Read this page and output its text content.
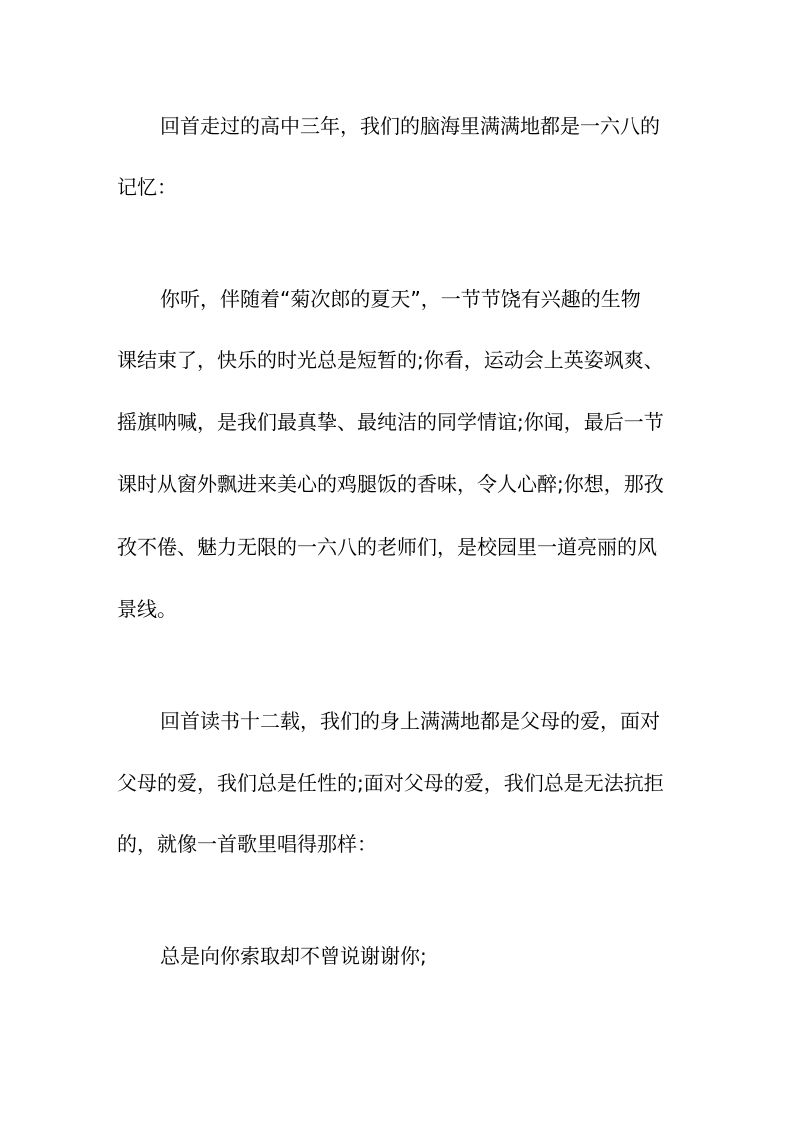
回首走过的高中三年，我们的脑海里满满地都是一六八的
记忆：
你听，伴随着“菊次郎的夏天”，一节节饶有兴趣的生物
课结束了，快乐的时光总是短暂的;你看，运动会上英姿飒爽、
摇旗呐喊，是我们最真挚、最纯洁的同学情谊;你闻，最后一节
课时从窗外飘进来美心的鸡腿饭的香味，令人心醉;你想，那孜
孜不倦、魅力无限的一六八的老师们，是校园里一道亮丽的风
景线。
回首读书十二载，我们的身上满满地都是父母的爱，面对
父母的爱，我们总是任性的;面对父母的爱，我们总是无法抗拒
的，就像一首歌里唱得那样：
总是向你索取却不曾说谢谢你;
